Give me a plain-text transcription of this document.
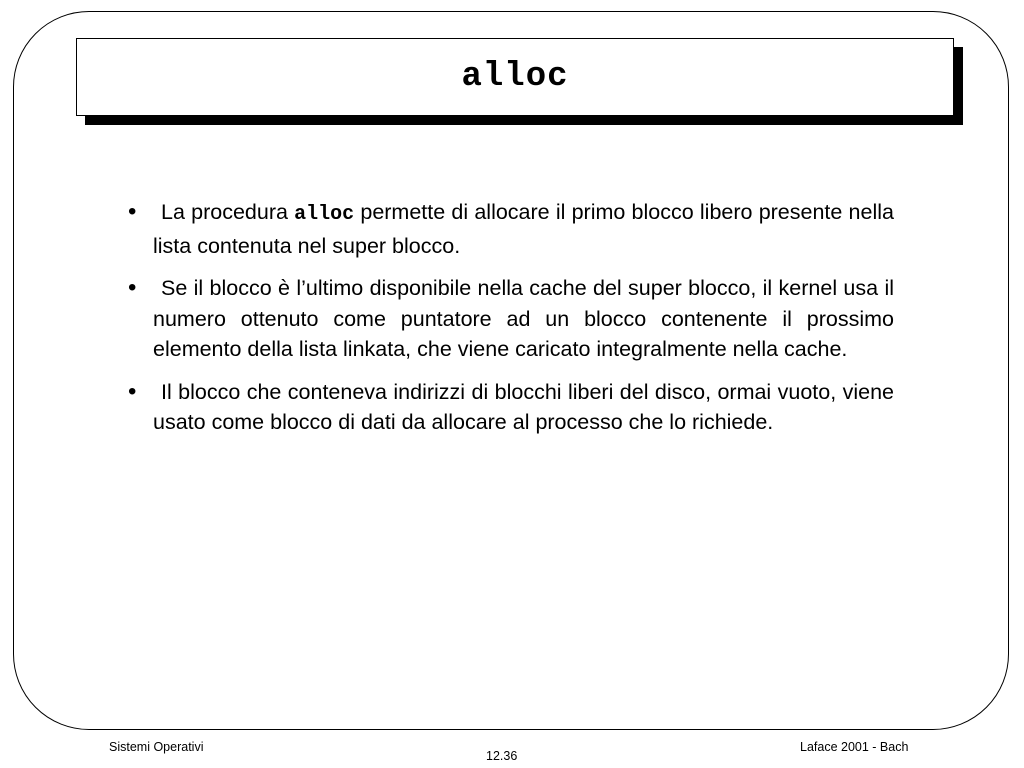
alloc
• La procedura alloc permette di allocare il primo blocco libero presente nella lista contenuta nel super blocco.
• Se il blocco è l’ultimo disponibile nella cache del super blocco, il kernel usa il numero ottenuto come puntatore ad un blocco contenente il prossimo elemento della lista linkata, che viene caricato integralmente nella cache.
• Il blocco che conteneva indirizzi di blocchi liberi del disco, ormai vuoto, viene usato come blocco di dati da allocare al processo che lo richiede.
Sistemi Operativi
12.36
Laface 2001 - Bach
